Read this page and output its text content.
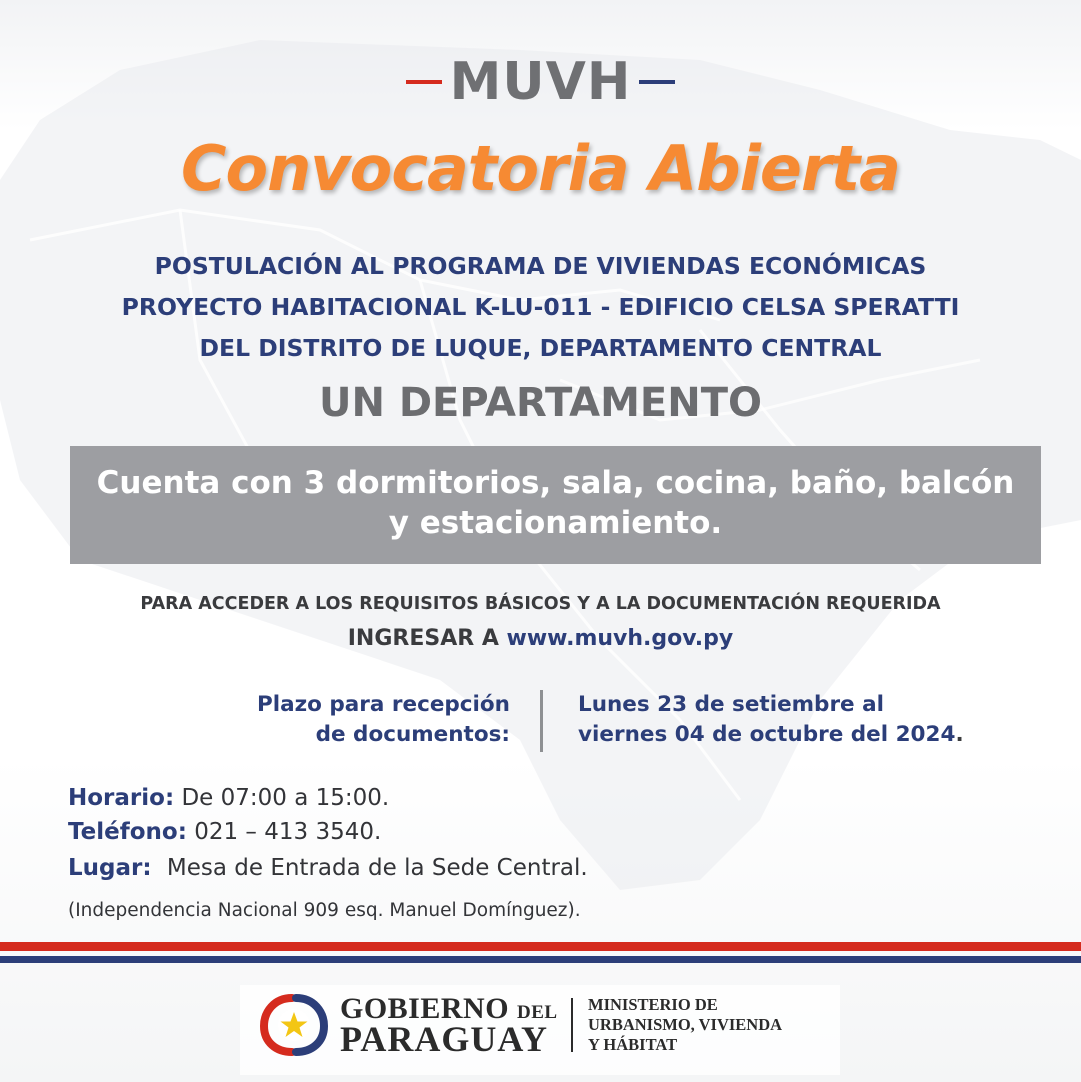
MUVH
Convocatoria Abierta
POSTULACIÓN AL PROGRAMA DE VIVIENDAS ECONÓMICAS
PROYECTO HABITACIONAL K-LU-011 - EDIFICIO CELSA SPERATTI
DEL DISTRITO DE LUQUE, DEPARTAMENTO CENTRAL
UN DEPARTAMENTO
Cuenta con 3 dormitorios, sala, cocina, baño, balcón
y estacionamiento.
PARA ACCEDER A LOS REQUISITOS BÁSICOS Y A LA DOCUMENTACIÓN REQUERIDA
INGRESAR A www.muvh.gov.py
Plazo para recepción
de documentos:
Lunes 23 de setiembre al
viernes 04 de octubre del 2024.
Horario: De 07:00 a 15:00.
Teléfono: 021 – 413 3540.
Lugar: Mesa de Entrada de la Sede Central.
(Independencia Nacional 909 esq. Manuel Domínguez).
GOBIERNO DEL
PARAGUAY
MINISTERIO DE
URBANISMO, VIVIENDA
Y HÁBITAT
